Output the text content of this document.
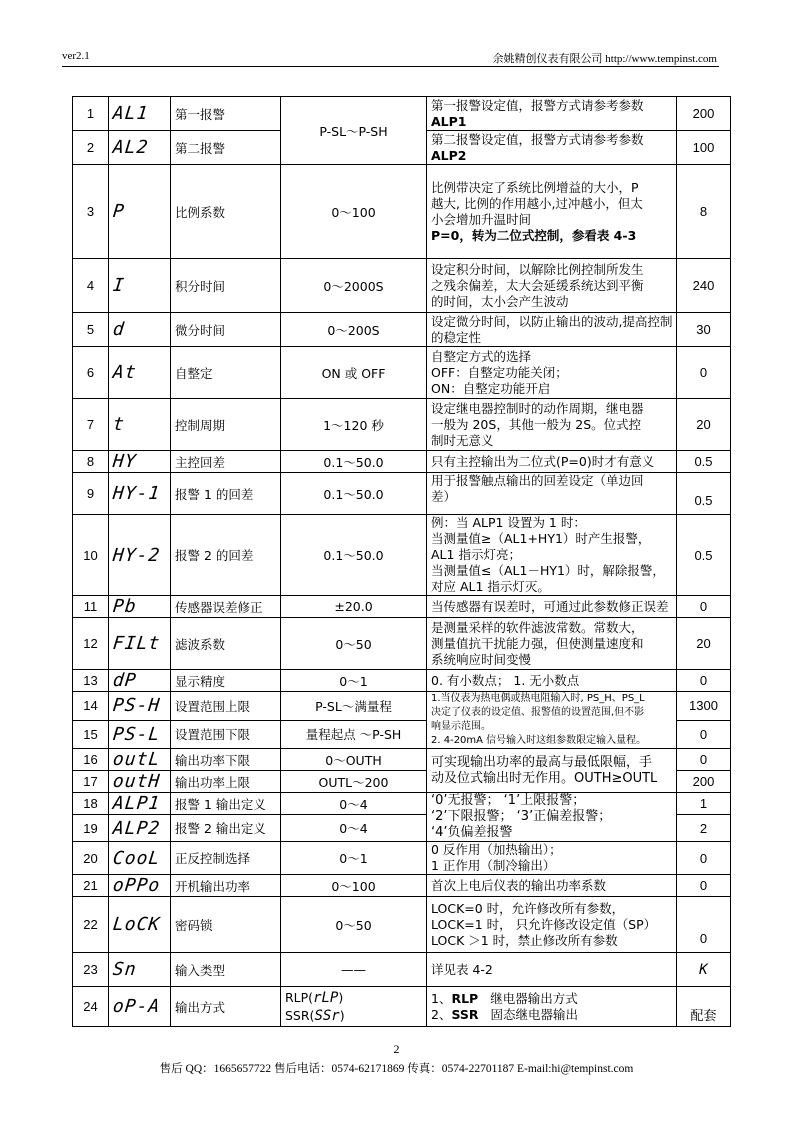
ver2.1	余姚精创仪表有限公司 http://www.tempinst.com
1	AL1	第一报警	P-SL～P-SH	第一报警设定值，报警方式请参考参数
ALP1	200
2	AL2	第二报警		第二报警设定值，报警方式请参考参数
ALP2	100
3	P	比例系数	0～100	比例带决定了系统比例增益的大小，P
越大, 比例的作用越小,过冲越小，但太
小会增加升温时间
P=0，转为二位式控制，参看表 4-3	8
4	I	积分时间	0～2000S	设定积分时间，以解除比例控制所发生
之残余偏差，太大会延缓系统达到平衡
的时间，太小会产生波动	240
5	d	微分时间	0～200S	设定微分时间，以防止输出的波动,提高控制
的稳定性	30
6	At	自整定	ON 或 OFF	自整定方式的选择
OFF：自整定功能关闭；
ON：自整定功能开启	0
7	t	控制周期	1～120 秒	设定继电器控制时的动作周期，继电器
一般为 20S，其他一般为 2S。位式控
制时无意义	20
8	HY	主控回差	0.1～50.0	只有主控输出为二位式(P=0)时才有意义	0.5
9	HY-1	报警 1 的回差	0.1～50.0	用于报警触点输出的回差设定（单边回
差）	0.5
10	HY-2	报警 2 的回差	0.1～50.0	例：当 ALP1 设置为 1 时：
当测量值≥（AL1+HY1）时产生报警，
AL1 指示灯亮；
当测量值≤（AL1－HY1）时，解除报警，
对应 AL1 指示灯灭。	0.5
11	Pb	传感器误差修正	±20.0	当传感器有误差时，可通过此参数修正误差	0
12	FILt	滤波系数	0～50	是测量采样的软件滤波常数。常数大，
测量值抗干扰能力强，但使测量速度和
系统响应时间变慢	20
13	dP	显示精度	0～1	0. 有小数点； 1. 无小数点	0
14	PS-H	设置范围上限	P-SL～满量程	1.当仪表为热电偶或热电阻输入时, PS_H、PS_L
决定了仪表的设定值、报警值的设置范围,但不影
响显示范围。
2. 4-20mA 信号输入时这组参数限定输入量程。	1300
15	PS-L	设置范围下限	量程起点 ～P-SH		0
16	outL	输出功率下限	0～OUTH	可实现输出功率的最高与最低限幅，手
动及位式输出时无作用。OUTH≥OUTL	0
17	outH	输出功率上限	OUTL～200		200
18	ALP1	报警 1 输出定义	0～4	‘0’无报警； ‘1’上限报警；
‘2’下限报警； ‘3’正偏差报警；
‘4’负偏差报警	1
19	ALP2	报警 2 输出定义	0～4		2
20	CooL	正反控制选择	0～1	0 反作用（加热输出）；
1 正作用（制冷输出）	0
21	oPPo	开机输出功率	0～100	首次上电后仪表的输出功率系数	0
22	LoCK	密码锁	0～50	LOCK=0 时，允许修改所有参数，
LOCK=1 时， 只允许修改设定值（SP）
LOCK ＞1 时，禁止修改所有参数	0
23	Sn	输入类型	——	详见表 4-2	K
24	oP-A	输出方式	RLP(rLP)
SSR(SSr)	1、RLP 继电器输出方式
2、SSR 固态继电器输出	配套
2
售后 QQ：1665657722 售后电话：0574-62171869 传真：0574-22701187 E-mail:hi@tempinst.com
